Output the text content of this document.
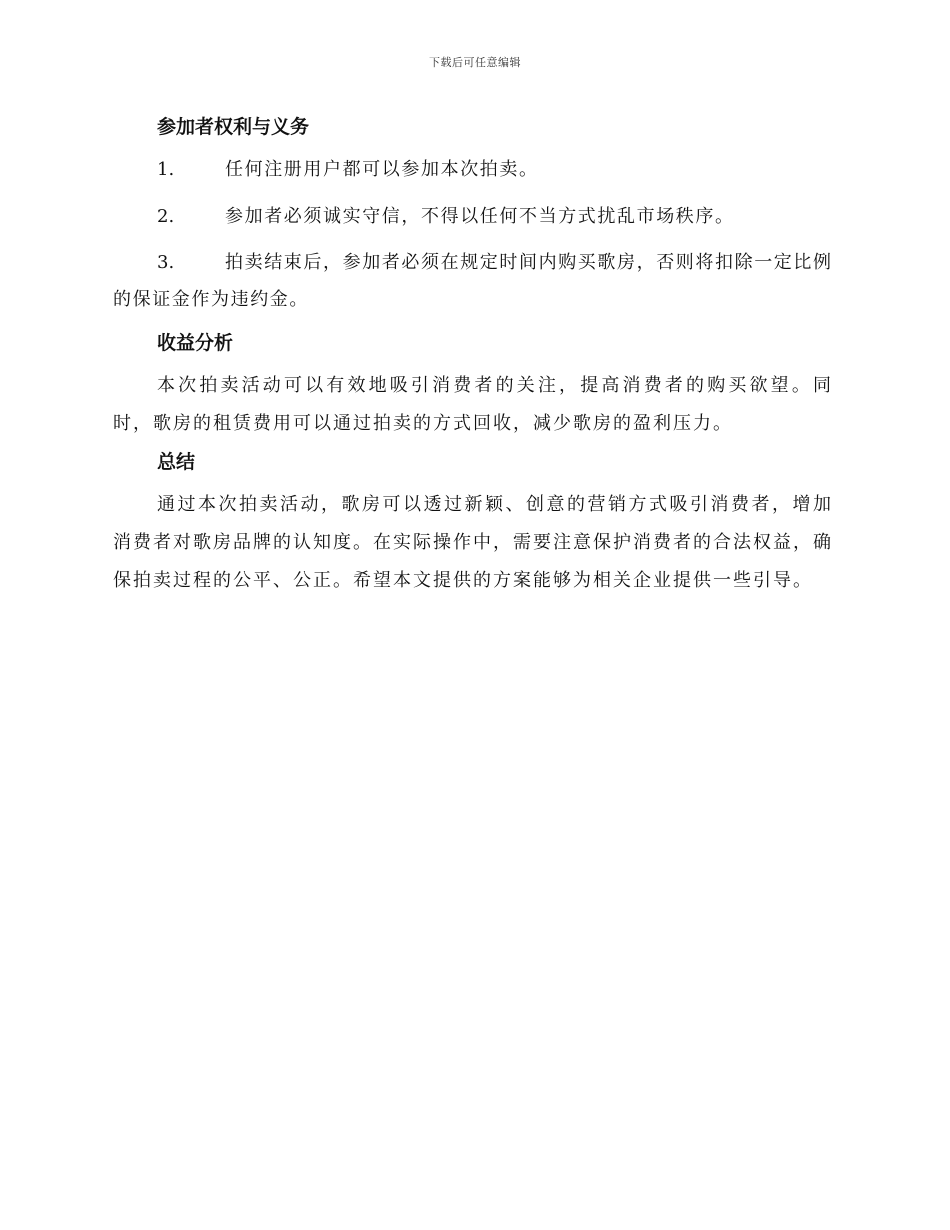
下载后可任意编辑
参加者权利与义务
1.	任何注册用户都可以参加本次拍卖。
2.	参加者必须诚实守信，不得以任何不当方式扰乱市场秩序。
3.	拍卖结束后，参加者必须在规定时间内购买歌房，否则将扣除一定比例的保证金作为违约金。
收益分析

本次拍卖活动可以有效地吸引消费者的关注，提高消费者的购买欲望。同时，歌房的租赁费用可以通过拍卖的方式回收，减少歌房的盈利压力。

总结

通过本次拍卖活动，歌房可以透过新颖、创意的营销方式吸引消费者，增加消费者对歌房品牌的认知度。在实际操作中，需要注意保护消费者的合法权益，确保拍卖过程的公平、公正。希望本文提供的方案能够为相关企业提供一些引导。
